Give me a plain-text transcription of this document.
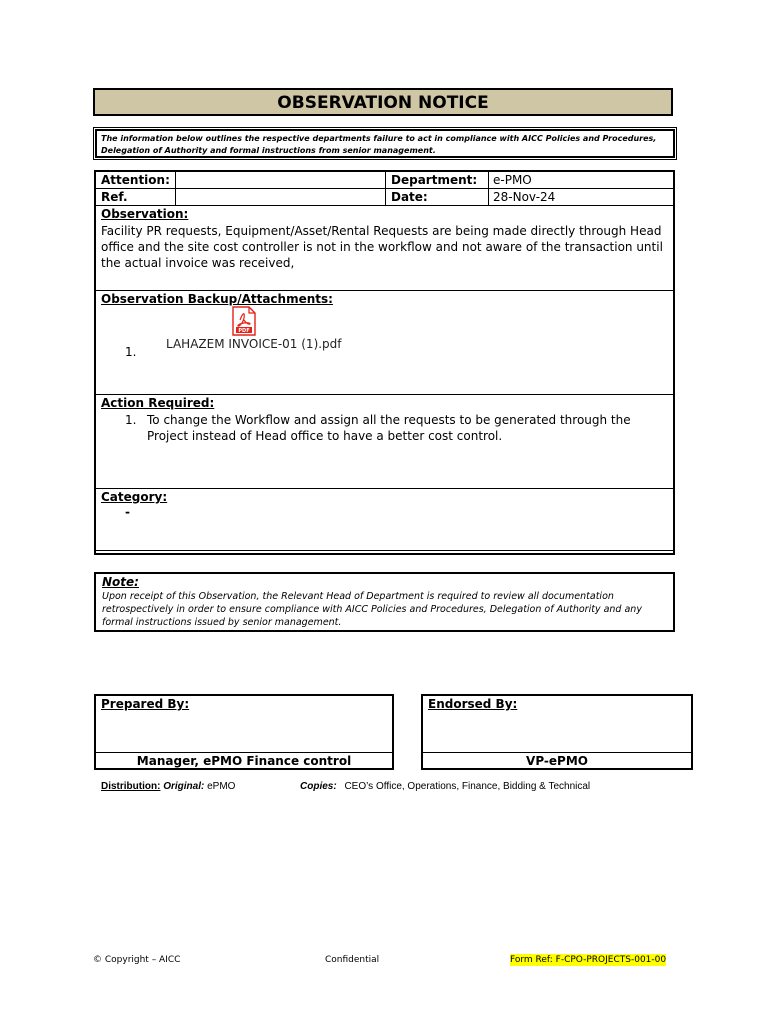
OBSERVATION NOTICE
The information below outlines the respective departments failure to act in compliance with AICC Policies and Procedures, Delegation of Authority and formal instructions from senior management.
Attention:	Department: e-PMO
Ref.	Date:	28-Nov-24
Observation:
Facility PR requests, Equipment/Asset/Rental Requests are being made directly through Head office and the site cost controller is not in the workflow and not aware of the transaction until the actual invoice was received,
Observation Backup/Attachments:
1.
LAHAZEM INVOICE-01 (1).pdf
Action Required:
1. To change the Workflow and assign all the requests to be generated through the Project instead of Head office to have a better cost control.
Category:
-
PDF
Note:
Upon receipt of this Observation, the Relevant Head of Department is required to review all documentation retrospectively in order to ensure compliance with AICC Policies and Procedures, Delegation of Authority and any formal instructions issued by senior management.
Prepared By:
Manager, ePMO Finance control
Endorsed By:
VP-ePMO
Distribution: Original: ePMO	Copies: CEO’s Office, Operations, Finance, Bidding & Technical
© Copyright – AICC	Confidential	Form Ref: F-CPO-PROJECTS-001-00
